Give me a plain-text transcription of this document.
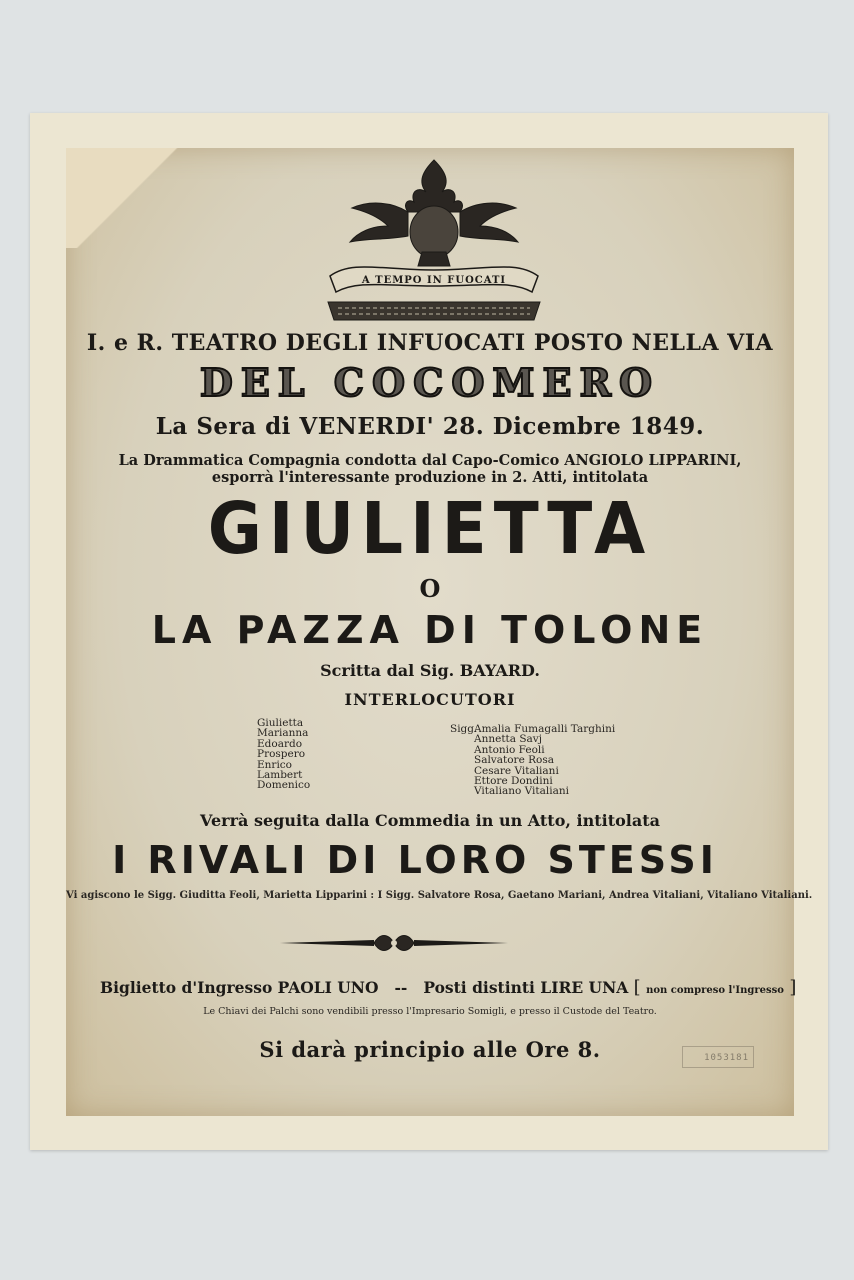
A TEMPO IN FUOCATI

I. e R. TEATRO DEGLI INFUOCATI POSTO NELLA VIA

DEL COCOMERO

La Sera di VENERDI' 28. Dicembre 1849.

La Drammatica Compagnia condotta dal Capo-Comico ANGIOLO LIPPARINI, esporrà l'interessante produzione in 2. Atti, intitolata

GIULIETTA

O

LA PAZZA DI TOLONE

Scritta dal Sig. BAYARD.

INTERLOCUTORI

Giulietta
Marianna
Edoardo
Prospero
Enrico
Lambert
Domenico
Sigg.Amalia Fumagalli Targhini
Annetta Savj
Antonio Feoli
Salvatore Rosa
Cesare Vitaliani
Ettore Dondini
Vitaliano Vitaliani

Verrà seguita dalla Commedia in un Atto, intitolata

I RIVALI DI LORO STESSI

Vi agiscono le Sigg. Giuditta Feoli, Marietta Lipparini : I Sigg. Salvatore Rosa, Gaetano Mariani, Andrea Vitaliani, Vitaliano Vitaliani.

Biglietto d'Ingresso PAOLI UNO -- Posti distinti LIRE UNA [ non compreso l'Ingresso ]

Le Chiavi dei Palchi sono vendibili presso l'Impresario Somigli, e presso il Custode del Teatro.

Si darà principio alle Ore 8.	1053181
